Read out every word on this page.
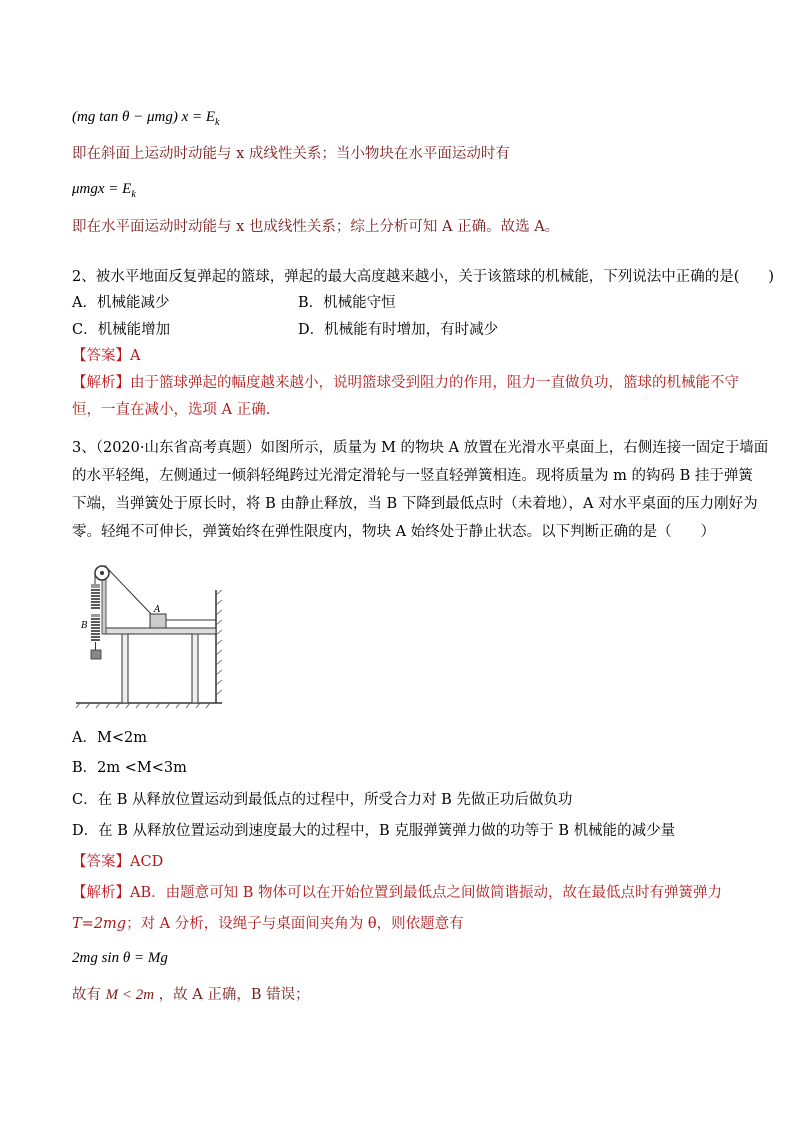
(mg tan θ − μmg) $x = E_k$
即在斜面上运动时动能与 x 成线性关系；当小物块在水平面运动时有
$\mu mgx = E_k$
即在水平面运动时动能与 x 也成线性关系；综上分析可知 A 正确。故选 A。
2、被水平地面反复弹起的篮球，弹起的最大高度越来越小，关于该篮球的机械能，下列说法中正确的是(　　)
A．机械能减少	B．机械能守恒
C．机械能增加	D．机械能有时增加，有时减少
【答案】A
【解析】由于篮球弹起的幅度越来越小，说明篮球受到阻力的作用，阻力一直做负功，篮球的机械能不守
恒，一直在减小，选项 A 正确.
3、（2020·山东省高考真题）如图所示，质量为 M 的物块 A 放置在光滑水平桌面上，右侧连接一固定于墙面
的水平轻绳，左侧通过一倾斜轻绳跨过光滑定滑轮与一竖直轻弹簧相连。现将质量为 m 的钩码 B 挂于弹簧
下端，当弹簧处于原长时，将 B 由静止释放，当 B 下降到最低点时（未着地），A 对水平桌面的压力刚好为
零。轻绳不可伸长，弹簧始终在弹性限度内，物块 A 始终处于静止状态。以下判断正确的是（　　）
A
B
A．M<2m
B．2m <M<3m
C．在 B 从释放位置运动到最低点的过程中，所受合力对 B 先做正功后做负功
D．在 B 从释放位置运动到速度最大的过程中，B 克服弹簧弹力做的功等于 B 机械能的减少量
【答案】ACD
【解析】AB．由题意可知 B 物体可以在开始位置到最低点之间做简谐振动，故在最低点时有弹簧弹力
T=2mg；对 A 分析，设绳子与桌面间夹角为 θ，则依题意有
2mg sin θ = Mg
故有 M < 2m ，故 A 正确，B 错误；
